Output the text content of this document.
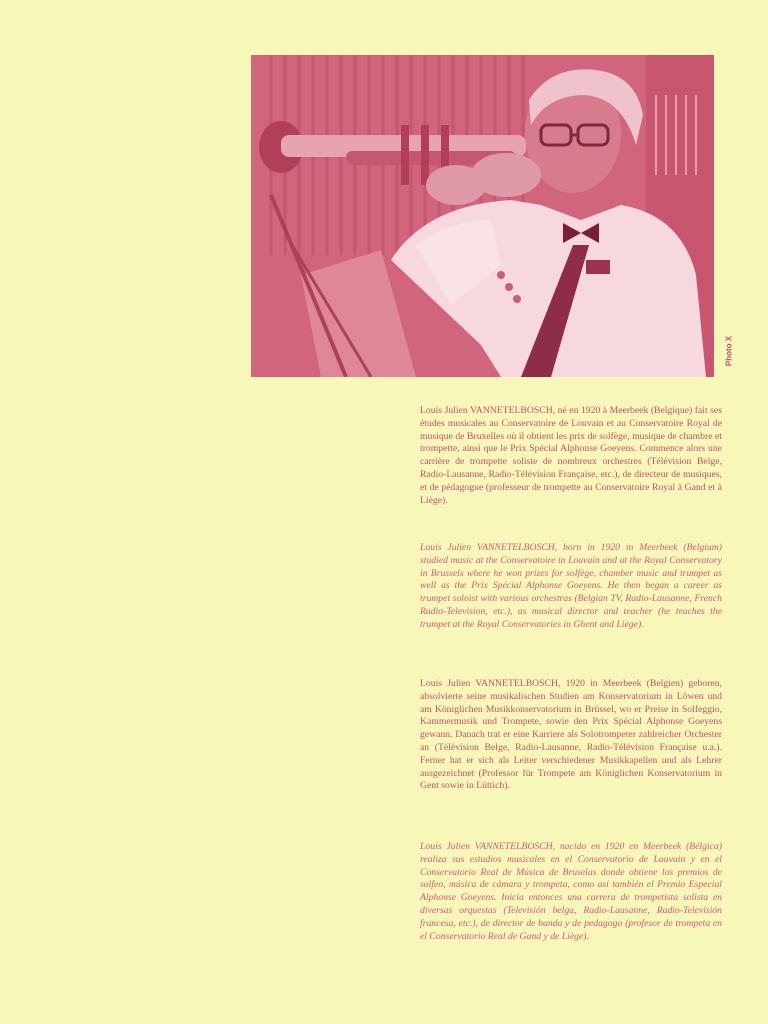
Photo X

Louis Julien VANNETELBOSCH, né en 1920 à Meerbeek (Belgique) fait ses études musicales au Conservatoire de Louvain et au Conservatoire Royal de musique de Bruxelles où il obtient les prix de solfège, musique de chambre et trompette, ainsi que le Prix Spécial Alphonse Goeyens. Commence alors une carrière de trompette soliste de nombreux orchestres (Télévision Belge, Radio-Lausanne, Radio-Télévision Française, etc.), de directeur de musiques, et de pédagogue (professeur de trompette au Conservatoire Royal à Gand et à Liège).

Louis Julien VANNETELBOSCH, born in 1920 in Meerbeek (Belgium) studied music at the Conservatoire in Louvain and at the Royal Conservatory in Brussels where he won prizes for solfège, chamber music and trumpet as well as the Prix Spécial Alphonse Goeyens. He then began a career as trumpet soloist with various orchestras (Belgian TV, Radio-Lausanne, French Radio-Television, etc.), as musical director and teacher (he teaches the trumpet at the Royal Conservatories in Ghent and Liège).

Louis Julien VANNETELBOSCH, 1920 in Meerbeek (Belgien) geboren, absolvierte seine musikalischen Studien am Konservatorium in Löwen und am Königlichen Musikkonservatorium in Brüssel, wo er Preise in Solfeggio, Kammermusik und Trompete, sowie den Prix Spécial Alphonse Goeyens gewann. Danach trat er eine Karriere als Solotrompeter zahlreicher Orchester an (Télévision Belge, Radio-Lausanne, Radio-Télévision Française u.a.). Ferner hat er sich als Leiter verschiedener Musikkapellen und als Lehrer ausgezeichnet (Professor für Trompete am Königlichen Konservatorium in Gent sowie in Lüttich).

Louis Julien VANNETELBOSCH, nacido en 1920 en Meerbeek (Bélgica) realiza sus estudios musicales en el Conservatorio de Louvain y en el Conservatorio Real de Música de Bruselas donde obtiene los premios de solfeo, música de cámara y trompeta, como así también el Premio Especial Alphonse Goeyens. Inicia entonces una carrera de trompetista solista en diversas orquestas (Televisión belga, Radio-Lausanne, Radio-Televisión francesa, etc.), de director de banda y de pedagogo (profesor de trompeta en el Conservatorio Real de Gand y de Liège).
